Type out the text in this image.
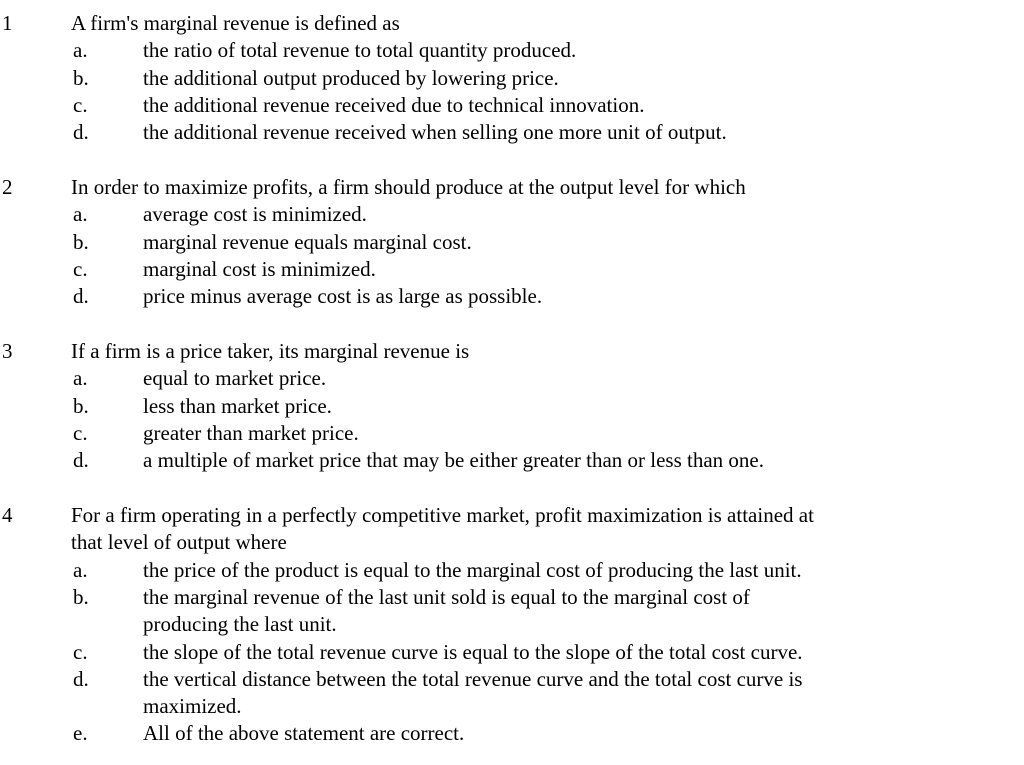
1	A firm's marginal revenue is defined as
a.	the ratio of total revenue to total quantity produced.
b.	the additional output produced by lowering price.
c.	the additional revenue received due to technical innovation.
d.	the additional revenue received when selling one more unit of output.
2	In order to maximize profits, a firm should produce at the output level for which
a.	average cost is minimized.
b.	marginal revenue equals marginal cost.
c.	marginal cost is minimized.
d.	price minus average cost is as large as possible.
3	If a firm is a price taker, its marginal revenue is
a.	equal to market price.
b.	less than market price.
c.	greater than market price.
d.	a multiple of market price that may be either greater than or less than one.
4	For a firm operating in a perfectly competitive market, profit maximization is attained at
that level of output where
a.	the price of the product is equal to the marginal cost of producing the last unit.
b.	the marginal revenue of the last unit sold is equal to the marginal cost of
producing the last unit.
c.	the slope of the total revenue curve is equal to the slope of the total cost curve.
d.	the vertical distance between the total revenue curve and the total cost curve is
maximized.
e.	All of the above statement are correct.
